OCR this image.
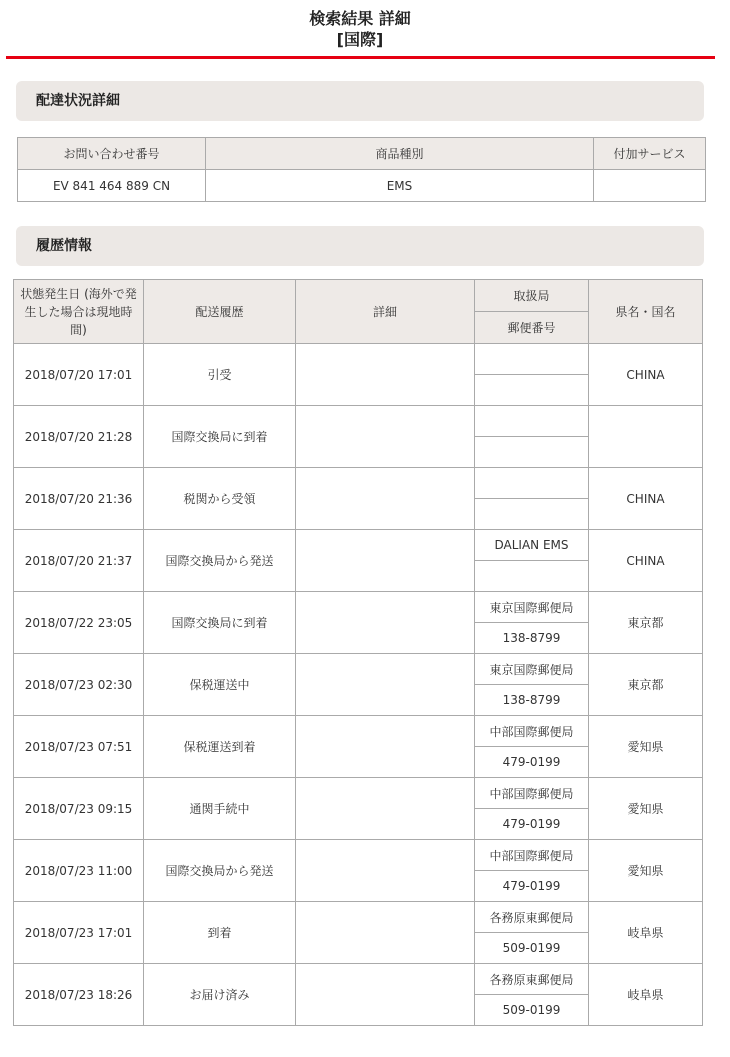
検索結果 詳細
[国際]
配達状況詳細
お問い合わせ番号	商品種別	付加サービス
EV 841 464 889 CN	EMS	
履歴情報
状態発生日 (海外で発生した場合は現地時間)	配送履歴	詳細	取扱局	県名・国名
			郵便番号	
2018/07/20 17:01	引受			CHINA

2018/07/20 21:28	国際交換局に到着			

2018/07/20 21:36	税関から受領			CHINA

2018/07/20 21:37	国際交換局から発送		DALIAN EMS	CHINA

2018/07/22 23:05	国際交換局に到着		東京国際郵便局	東京都
			138-8799	
2018/07/23 02:30	保税運送中		東京国際郵便局	東京都
			138-8799	
2018/07/23 07:51	保税運送到着		中部国際郵便局	愛知県
			479-0199	
2018/07/23 09:15	通関手続中		中部国際郵便局	愛知県
			479-0199	
2018/07/23 11:00	国際交換局から発送		中部国際郵便局	愛知県
			479-0199	
2018/07/23 17:01	到着		各務原東郵便局	岐阜県
			509-0199	
2018/07/23 18:26	お届け済み		各務原東郵便局	岐阜県
			509-0199	
